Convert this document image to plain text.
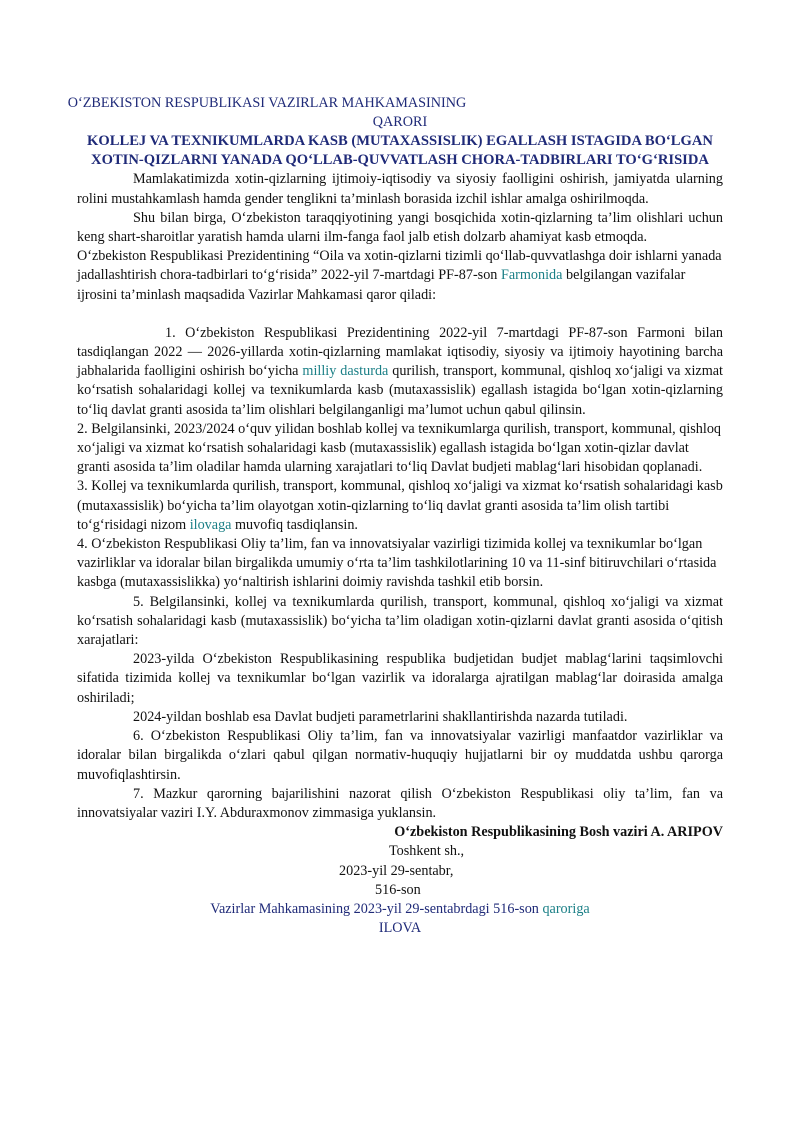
O‘ZBEKISTON RESPUBLIKASI VAZIRLAR MAHKAMASINING
QARORI
KOLLEJ VA TEXNIKUMLARDA KASB (MUTAXASSISLIK) EGALLASH ISTAGIDA BO‘LGAN XOTIN-QIZLARNI YANADA QO‘LLAB-QUVVATLASH CHORA-TADBIRLARI TO‘G‘RISIDA

Mamlakatimizda xotin-qizlarning ijtimoiy-iqtisodiy va siyosiy faolligini oshirish, jamiyatda ularning rolini mustahkamlash hamda gender tenglikni ta’minlash borasida izchil ishlar amalga oshirilmoqda.

Shu bilan birga, O‘zbekiston taraqqiyotining yangi bosqichida xotin-qizlarning ta’lim olishlari uchun keng shart-sharoitlar yaratish hamda ularni ilm-fanga faol jalb etish dolzarb ahamiyat kasb etmoqda.

O‘zbekiston Respublikasi Prezidentining “Oila va xotin-qizlarni tizimli qo‘llab-quvvatlashga doir ishlarni yanada jadallashtirish chora-tadbirlari to‘g‘risida” 2022-yil 7-martdagi PF-87-son Farmonida belgilangan vazifalar ijrosini ta’minlash maqsadida Vazirlar Mahkamasi qaror qiladi:

1. O‘zbekiston Respublikasi Prezidentining 2022-yil 7-martdagi PF-87-son Farmoni bilan

tasdiqlangan 2022 — 2026-yillarda xotin-qizlarning mamlakat iqtisodiy, siyosiy va ijtimoiy hayotining barcha jabhalarida faolligini oshirish bo‘yicha milliy dasturda qurilish, transport, kommunal, qishloq xo‘jaligi va xizmat ko‘rsatish sohalaridagi kollej va texnikumlarda kasb (mutaxassislik) egallash istagida bo‘lgan xotin-qizlarning to‘liq davlat granti asosida ta’lim olishlari belgilanganligi ma’lumot uchun qabul qilinsin.

2. Belgilansinki, 2023/2024 o‘quv yilidan boshlab kollej va texnikumlarga qurilish, transport, kommunal, qishloq xo‘jaligi va xizmat ko‘rsatish sohalaridagi kasb (mutaxassislik) egallash istagida bo‘lgan xotin-qizlar davlat granti asosida ta’lim oladilar hamda ularning xarajatlari to‘liq Davlat budjeti mablag‘lari hisobidan qoplanadi.

3. Kollej va texnikumlarda qurilish, transport, kommunal, qishloq xo‘jaligi va xizmat ko‘rsatish sohalaridagi kasb (mutaxassislik) bo‘yicha ta’lim olayotgan xotin-qizlarning to‘liq davlat granti asosida ta’lim olish tartibi to‘g‘risidagi nizom ilovaga muvofiq tasdiqlansin.

4. O‘zbekiston Respublikasi Oliy ta’lim, fan va innovatsiyalar vazirligi tizimida kollej va texnikumlar bo‘lgan vazirliklar va idoralar bilan birgalikda umumiy o‘rta ta’lim tashkilotlarining 10 va 11-sinf bitiruvchilari o‘rtasida kasbga (mutaxassislikka) yo‘naltirish ishlarini doimiy ravishda tashkil etib borsin.

5. Belgilansinki, kollej va texnikumlarda qurilish, transport, kommunal, qishloq xo‘jaligi va xizmat ko‘rsatish sohalaridagi kasb (mutaxassislik) bo‘yicha ta’lim oladigan xotin-qizlarni davlat granti asosida o‘qitish xarajatlari:

2023-yilda O‘zbekiston Respublikasining respublika budjetidan budjet mablag‘larini taqsimlovchi sifatida tizimida kollej va texnikumlar bo‘lgan vazirlik va idoralarga ajratilgan mablag‘lar doirasida amalga oshiriladi;

2024-yildan boshlab esa Davlat budjeti parametrlarini shakllantirishda nazarda tutiladi.

6. O‘zbekiston Respublikasi Oliy ta’lim, fan va innovatsiyalar vazirligi manfaatdor vazirliklar va idoralar bilan birgalikda o‘zlari qabul qilgan normativ-huquqiy hujjatlarni bir oy muddatda ushbu qarorga muvofiqlashtirsin.

7. Mazkur qarorning bajarilishini nazorat qilish O‘zbekiston Respublikasi oliy ta’lim, fan va innovatsiyalar vaziri I.Y. Abduraxmonov zimmasiga yuklansin.

O‘zbekiston Respublikasining Bosh vaziri A. ARIPOV

Toshkent sh.,

2023-yil 29-sentabr,

516-son

Vazirlar Mahkamasining 2023-yil 29-sentabrdagi 516-son qaroriga

ILOVA
